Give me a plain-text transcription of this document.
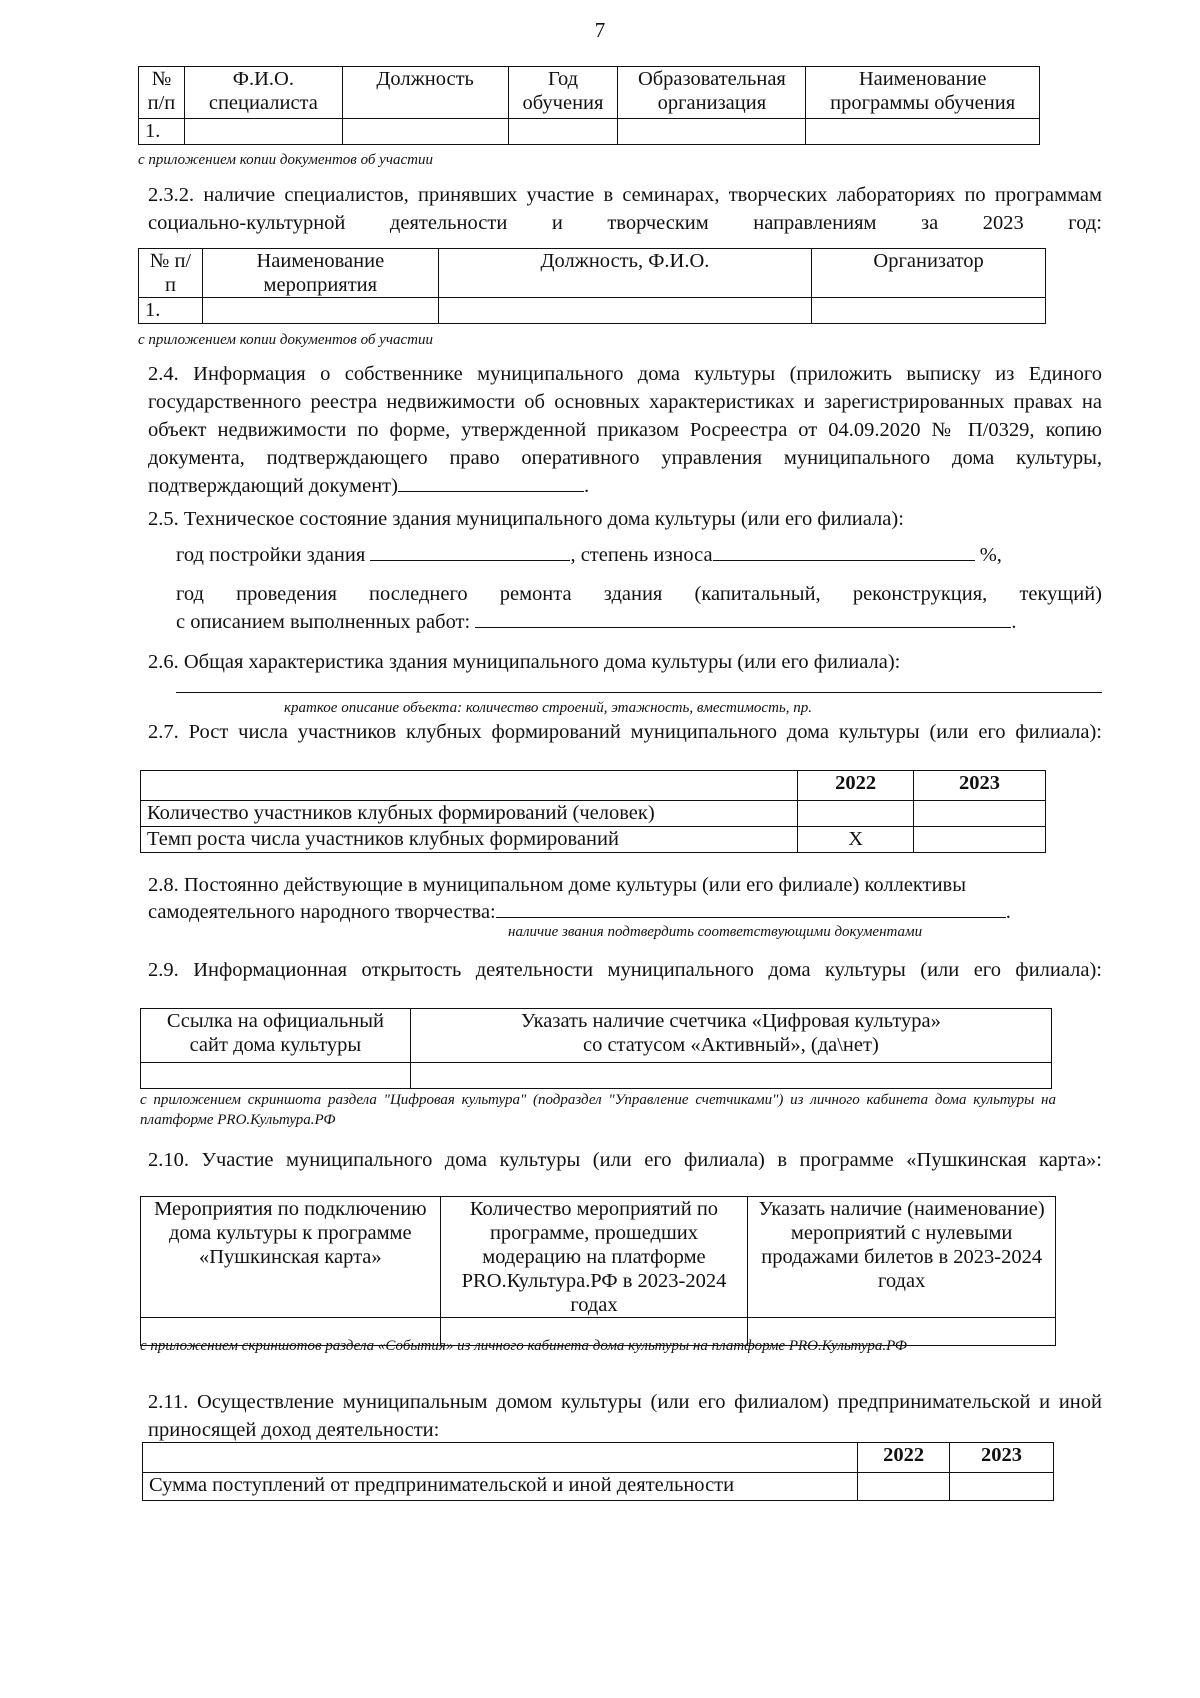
7
№ п/п	Ф.И.О. специалиста	Должность	Год обучения	Образовательная организация	Наименование программы обучения
1.					
с приложением копии документов об участии
2.3.2. наличие специалистов, принявших участие в семинарах, творческих лабораториях по программам социально-культурной деятельности и творческим направлениям за 2023 год:
№ п/п	Наименование мероприятия	Должность, Ф.И.О.	Организатор
1.			
с приложением копии документов об участии
2.4. Информация о собственнике муниципального дома культуры (приложить выписку из Единого государственного реестра недвижимости об основных характеристиках и зарегистрированных правах на объект недвижимости по форме, утвержденной приказом Росреестра от 04.09.2020 № П/0329, копию документа, подтверждающего право оперативного управления муниципального дома культуры, подтверждающий документ)	.
2.5. Техническое состояние здания муниципального дома культуры (или его филиала):
год постройки здания	, степень износа	%,
год проведения последнего ремонта здания (капитальный, реконструкция, текущий)
с описанием выполненных работ:	.
2.6. Общая характеристика здания муниципального дома культуры (или его филиала):
краткое описание объекта: количество строений, этажность, вместимость, пр.
2.7. Рост числа участников клубных формирований муниципального дома культуры (или его филиала):
	2022	2023
Количество участников клубных формирований (человек)		
Темп роста числа участников клубных формирований	X	
2.8. Постоянно действующие в муниципальном доме культуры (или его филиале) коллективы
самодеятельного народного творчества:	.
наличие звания подтвердить соответствующими документами
2.9. Информационная открытость деятельности муниципального дома культуры (или его филиала):
Ссылка на официальный сайт дома культуры	Указать наличие счетчика «Цифровая культура»
со статусом «Активный», (да\нет)

с приложением скриншота раздела "Цифровая культура" (подраздел "Управление счетчиками") из личного кабинета дома культуры на платформе PRO.Культура.РФ
2.10. Участие муниципального дома культуры (или его филиала) в программе «Пушкинская карта»:
Мероприятия по подключению дома культуры к программе «Пушкинская карта»	Количество мероприятий по программе, прошедших модерацию на платформе PRO.Культура.РФ в 2023-2024 годах	Указать наличие (наименование) мероприятий с нулевыми продажами билетов в 2023-2024 годах

с приложением скриншотов раздела «События» из личного кабинета дома культуры на платформе PRO.Культура.РФ
2.11. Осуществление муниципальным домом культуры (или его филиалом) предпринимательской и иной приносящей доход деятельности:
	2022	2023
Сумма поступлений от предпринимательской и иной деятельности		
